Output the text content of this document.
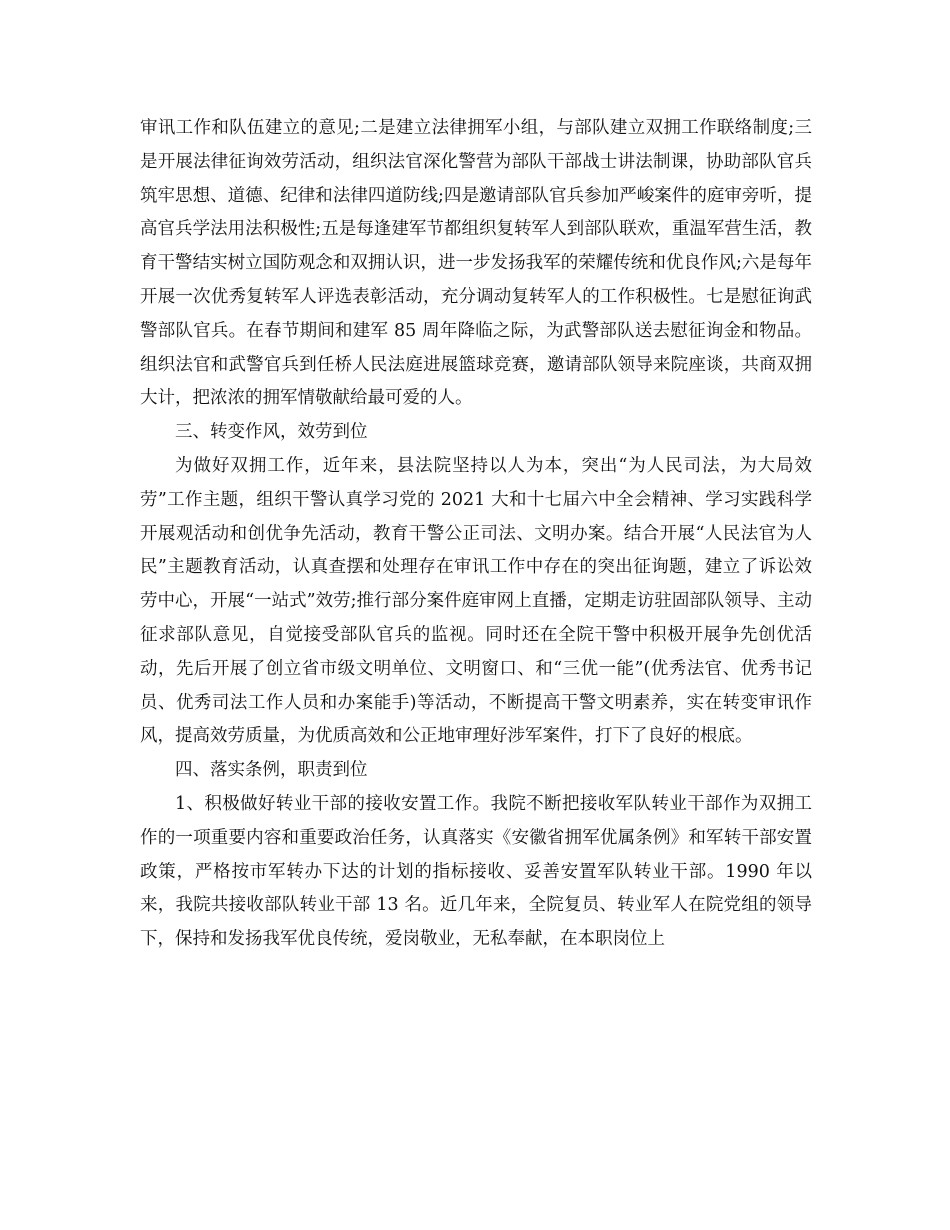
审讯工作和队伍建立的意见;二是建立法律拥军小组，与部队建立双拥工作联络制度;三是开展法律征询效劳活动，组织法官深化警营为部队干部战士讲法制课，协助部队官兵筑牢思想、道德、纪律和法律四道防线;四是邀请部队官兵参加严峻案件的庭审旁听，提高官兵学法用法积极性;五是每逢建军节都组织复转军人到部队联欢，重温军营生活，教育干警结实树立国防观念和双拥认识，进一步发扬我军的荣耀传统和优良作风;六是每年开展一次优秀复转军人评选表彰活动，充分调动复转军人的工作积极性。七是慰征询武警部队官兵。在春节期间和建军 85 周年降临之际，为武警部队送去慰征询金和物品。组织法官和武警官兵到任桥人民法庭进展篮球竞赛，邀请部队领导来院座谈，共商双拥大计，把浓浓的拥军情敬献给最可爱的人。

三、转变作风，效劳到位

为做好双拥工作，近年来，县法院坚持以人为本，突出“为人民司法，为大局效劳”工作主题，组织干警认真学习党的 2021 大和十七届六中全会精神、学习实践科学开展观活动和创优争先活动，教育干警公正司法、文明办案。结合开展“人民法官为人民”主题教育活动，认真查摆和处理存在审讯工作中存在的突出征询题，建立了诉讼效劳中心，开展“一站式”效劳;推行部分案件庭审网上直播，定期走访驻固部队领导、主动征求部队意见，自觉接受部队官兵的监视。同时还在全院干警中积极开展争先创优活动，先后开展了创立省市级文明单位、文明窗口、和“三优一能”(优秀法官、优秀书记员、优秀司法工作人员和办案能手)等活动，不断提高干警文明素养，实在转变审讯作风，提高效劳质量，为优质高效和公正地审理好涉军案件，打下了良好的根底。

四、落实条例，职责到位

1、积极做好转业干部的接收安置工作。我院不断把接收军队转业干部作为双拥工作的一项重要内容和重要政治任务，认真落实《安徽省拥军优属条例》和军转干部安置政策，严格按市军转办下达的计划的指标接收、妥善安置军队转业干部。1990 年以来，我院共接收部队转业干部 13 名。近几年来，全院复员、转业军人在院党组的领导下，保持和发扬我军优良传统，爱岗敬业，无私奉献，在本职岗位上
